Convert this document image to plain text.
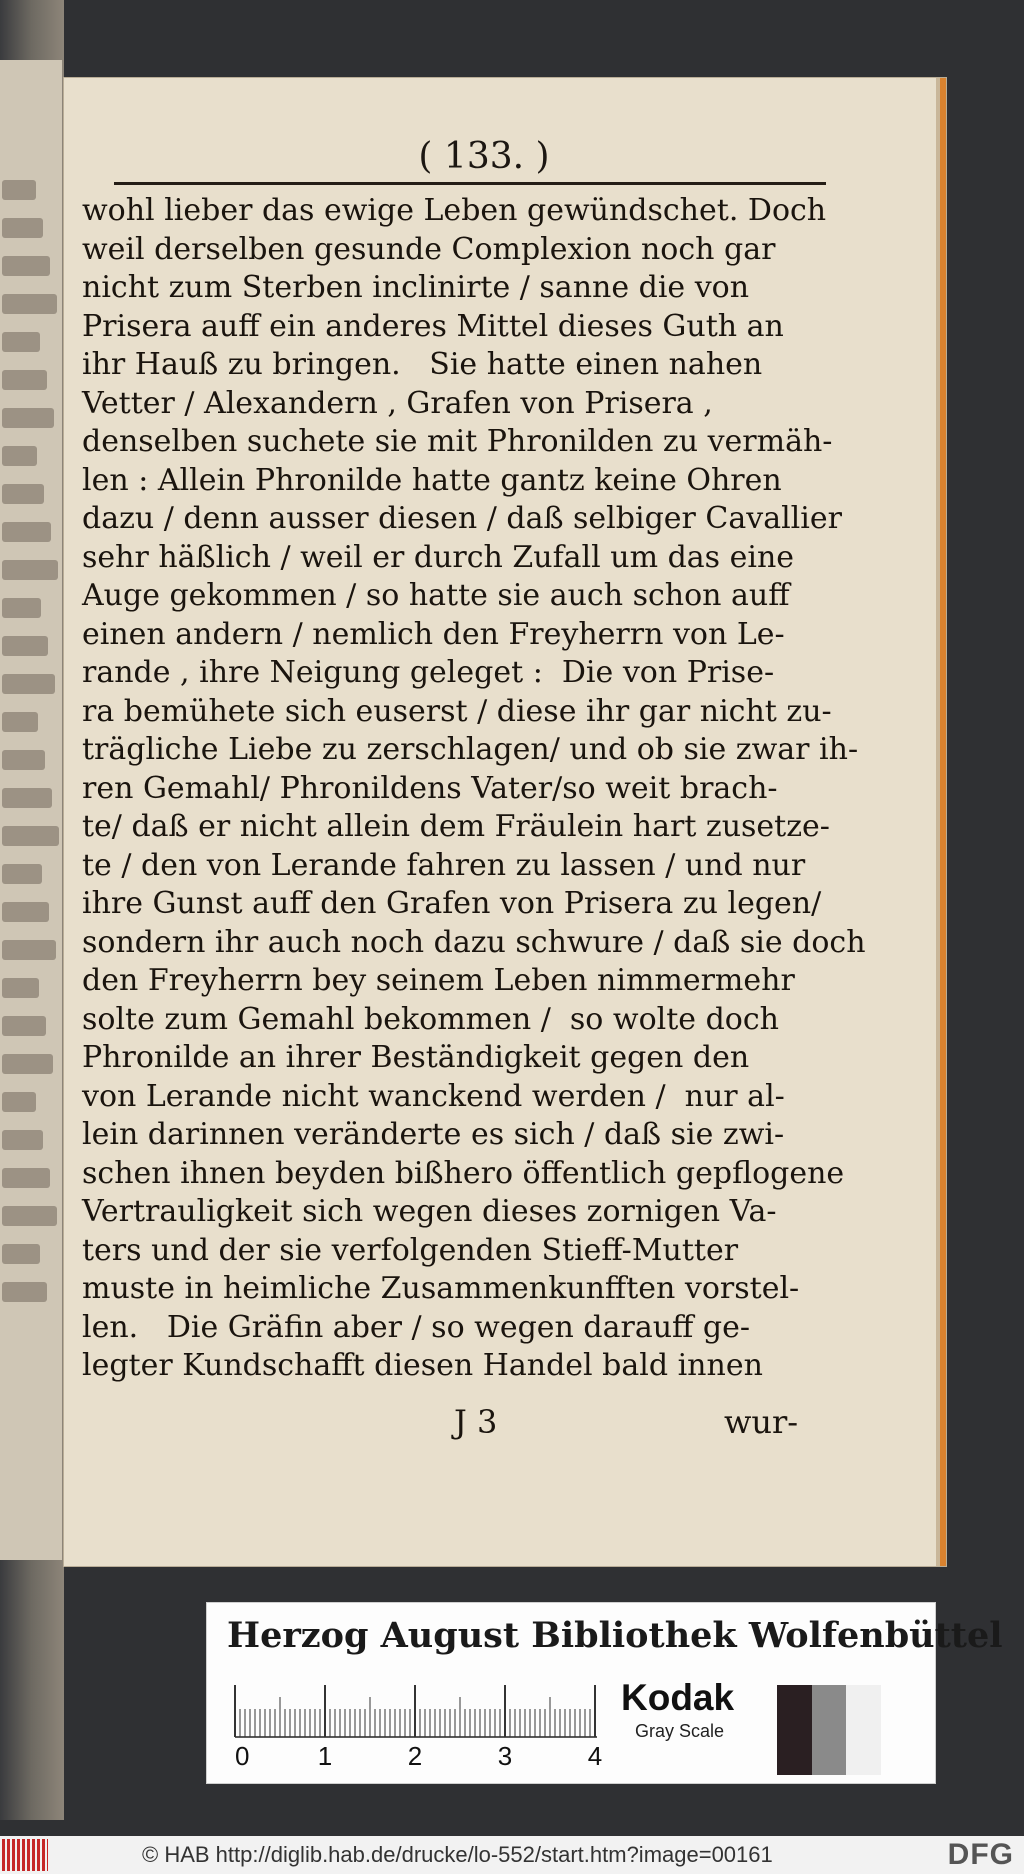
( 133. )
wohl lieber das ewige Leben gewündschet. Doch
weil derselben gesunde Complexion noch gar
nicht zum Sterben inclinirte / sanne die von
Prisera auff ein anderes Mittel dieses Guth an
ihr Hauß zu bringen.   Sie hatte einen nahen
Vetter / Alexandern , Grafen von Prisera ,
denselben suchete sie mit Phronilden zu vermäh-
len : Allein Phronilde hatte gantz keine Ohren
dazu / denn ausser diesen / daß selbiger Cavallier
sehr häßlich / weil er durch Zufall um das eine
Auge gekommen / so hatte sie auch schon auff
einen andern / nemlich den Freyherrn von Le-
rande , ihre Neigung geleget :  Die von Prise-
ra bemühete sich euserst / diese ihr gar nicht zu-
trägliche Liebe zu zerschlagen/ und ob sie zwar ih-
ren Gemahl/ Phronildens Vater/so weit brach-
te/ daß er nicht allein dem Fräulein hart zusetze-
te / den von Lerande fahren zu lassen / und nur
ihre Gunst auff den Grafen von Prisera zu legen/
sondern ihr auch noch dazu schwure / daß sie doch
den Freyherrn bey seinem Leben nimmermehr
solte zum Gemahl bekommen /  so wolte doch
Phronilde an ihrer Beständigkeit gegen den
von Lerande nicht wanckend werden /  nur al-
lein darinnen veränderte es sich / daß sie zwi-
schen ihnen beyden bißhero öffentlich gepflogene
Vertrauligkeit sich wegen dieses zornigen Va-
ters und der sie verfolgenden Stieff-Mutter
muste in heimliche Zusammenkunfften vorstel-
len.   Die Gräfin aber / so wegen darauff ge-
legter Kundschafft diesen Handel bald innen
J 3	wur-
Herzog August Bibliothek Wolfenbüttel
0	1	2	3	4
Kodak
Gray Scale
© HAB http://diglib.hab.de/drucke/lo-552/start.htm?image=00161	DFG
